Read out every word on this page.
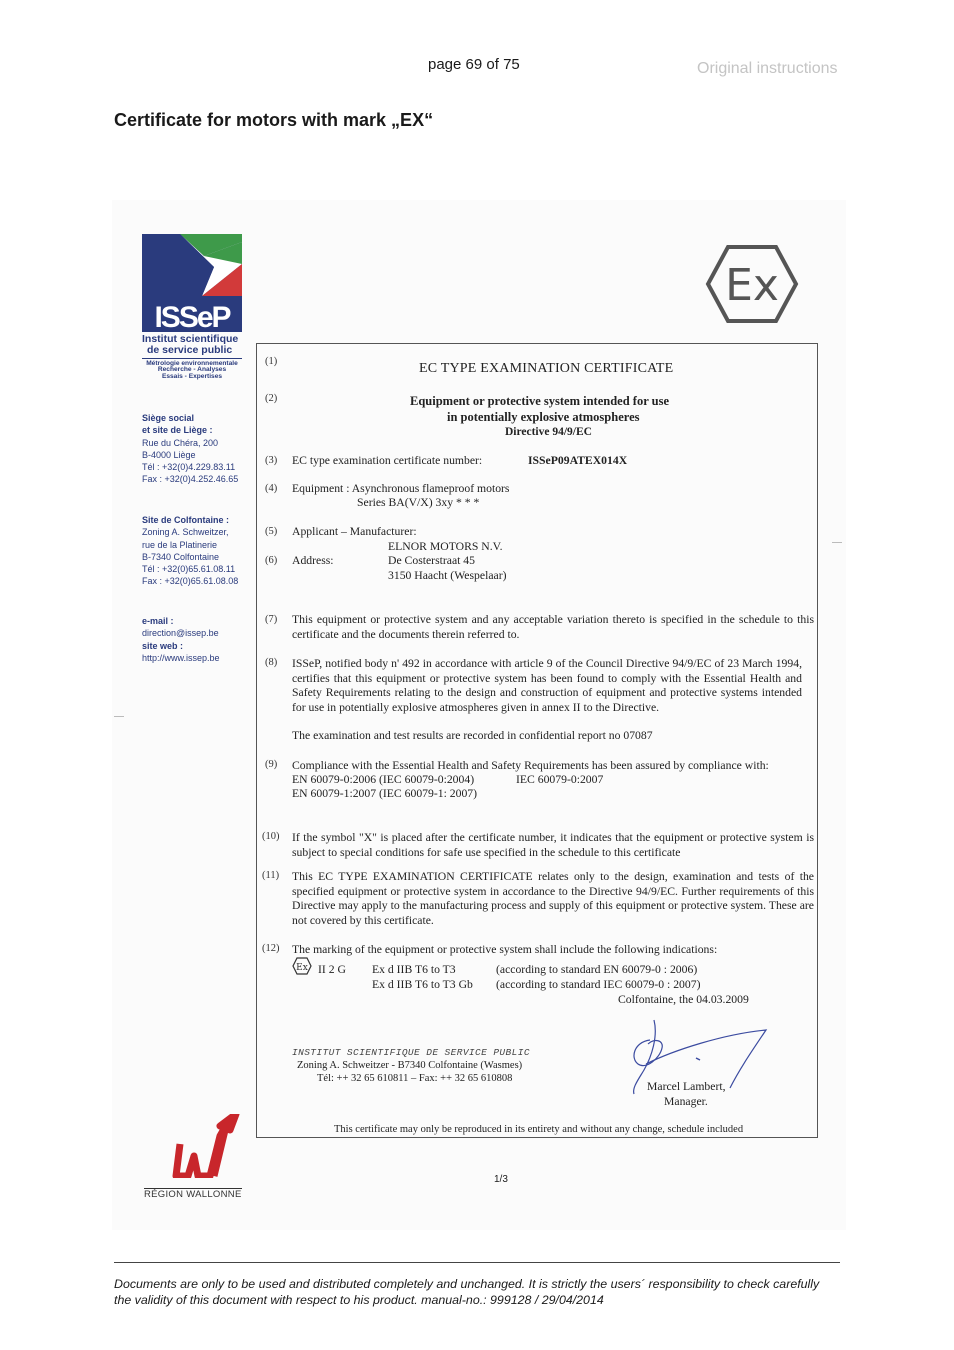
page 69 of 75	Original instructions
Certificate for motors with mark „EX“
ISSeP
Institut scientifique
de service public
Métrologie environnementale
Recherche - Analyses
Essais - Expertises
Siège social
et site de Liège :
Rue du Chéra, 200
B-4000 Liège
Tél : +32(0)4.229.83.11
Fax : +32(0)4.252.46.65
Site de Colfontaine :
Zoning A. Schweitzer,
rue de la Platinerie
B-7340 Colfontaine
Tél : +32(0)65.61.08.11
Fax : +32(0)65.61.08.08
e-mail :
direction@issep.be
site web :
http://www.issep.be
Ex
(1)	EC TYPE EXAMINATION CERTIFICATE
(2)	Equipment or protective system intended for use
in potentially explosive atmospheres
Directive 94/9/EC
(3) EC type examination certificate number:	ISSeP09ATEX014X
(4) Equipment : Asynchronous flameproof motors
Series BA(V/X) 3xy * * *
(5) Applicant – Manufacturer:
ELNOR MOTORS N.V.
(6) Address:	De Costerstraat 45
3150 Haacht (Wespelaar)
(7) This equipment or protective system and any acceptable variation thereto is specified in the schedule to this certificate and the documents therein referred to.
(8) ISSeP, notified body n' 492 in accordance with article 9 of the Council Directive 94/9/EC of 23 March 1994, certifies that this equipment or protective system has been found to comply with the Essential Health and Safety Requirements relating to the design and construction of equipment and protective systems intended for use in potentially explosive atmospheres given in annex II to the Directive.
The examination and test results are recorded in confidential report no 07087
(9) Compliance with the Essential Health and Safety Requirements has been assured by compliance with:
EN 60079-0:2006 (IEC 60079-0:2004)	IEC 60079-0:2007
EN 60079-1:2007 (IEC 60079-1: 2007)
(10) If the symbol "X" is placed after the certificate number, it indicates that the equipment or protective system is subject to special conditions for safe use specified in the schedule to this certificate
(11) This EC TYPE EXAMINATION CERTIFICATE relates only to the design, examination and tests of the specified equipment or protective system in accordance to the Directive 94/9/EC. Further requirements of this Directive may apply to the manufacturing process and supply of this equipment or protective system. These are not covered by this certificate.
(12) The marking of the equipment or protective system shall include the following indications:
Ex II 2 G Ex d IIB T6 to T3	(according to standard EN 60079-0 : 2006)
Ex d IIB T6 to T3 Gb (according to standard IEC 60079-0 : 2007)
Colfontaine, the 04.03.2009
INSTITUT SCIENTIFIQUE DE SERVICE PUBLIC
Zoning A. Schweitzer - B7340 Colfontaine (Wasmes)
Tél: ++ 32 65 610811 – Fax: ++ 32 65 610808
Marcel Lambert,
Manager.
This certificate may only be reproduced in its entirety and without any change, schedule included
RÉGION WALLONNE
1/3
Documents are only to be used and distributed completely and unchanged. It is strictly the users´ responsibility to check carefully
the validity of this document with respect to his product. manual-no.: 999128 / 29/04/2014
